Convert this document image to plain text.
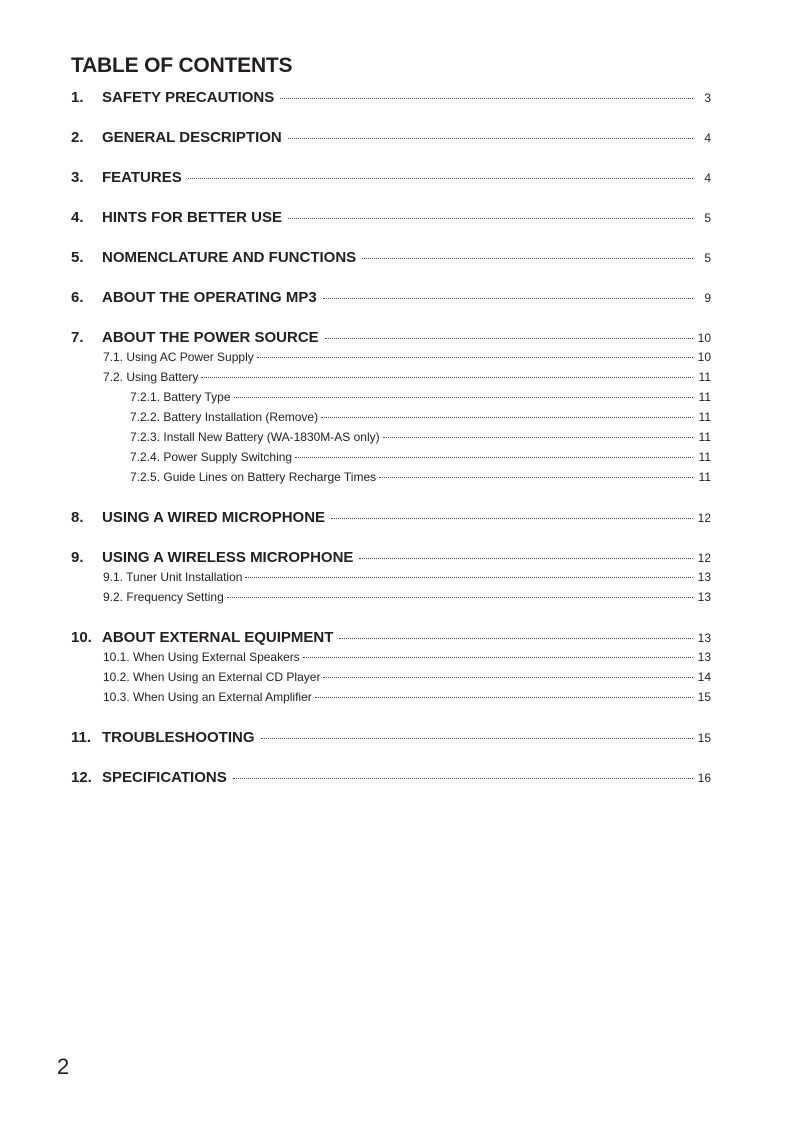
TABLE OF CONTENTS
1.	SAFETY PRECAUTIONS	3
2.	GENERAL DESCRIPTION	4
3.	FEATURES	4
4.	HINTS FOR BETTER USE	5
5.	NOMENCLATURE AND FUNCTIONS	5
6.	ABOUT THE OPERATING MP3	9
7.	ABOUT THE POWER SOURCE	10
7.1. Using AC Power Supply	10
7.2. Using Battery	11
7.2.1. Battery Type	11
7.2.2. Battery Installation (Remove)	11
7.2.3. Install New Battery (WA-1830M-AS only)	11
7.2.4. Power Supply Switching	11
7.2.5. Guide Lines on Battery Recharge Times	11
8.	USING A WIRED MICROPHONE	12
9.	USING A WIRELESS MICROPHONE	12
9.1. Tuner Unit Installation	13
9.2. Frequency Setting	13
10. ABOUT EXTERNAL EQUIPMENT	13
10.1. When Using External Speakers	13
10.2. When Using an External CD Player	14
10.3. When Using an External Amplifier	15
11. TROUBLESHOOTING	15
12. SPECIFICATIONS	16
2
